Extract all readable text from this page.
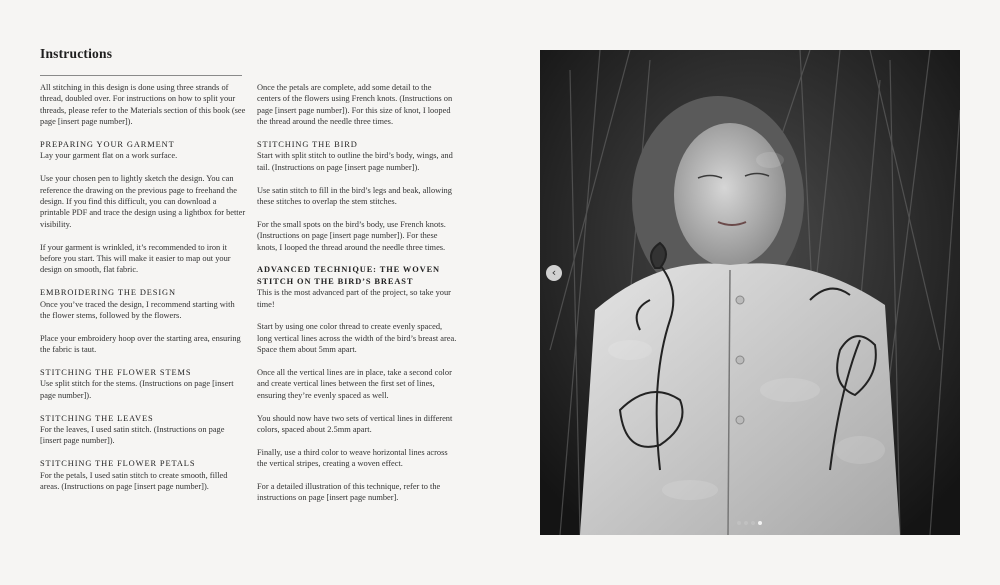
Instructions

All stitching in this design is done using three strands of thread, doubled over. For instructions on how to split your threads, please refer to the Materials section of this book (see page [insert page number]).

PREPARING YOUR GARMENT

Lay your garment flat on a work surface.

Use your chosen pen to lightly sketch the design. You can reference the drawing on the previous page to freehand the design. If you find this difficult, you can download a printable PDF and trace the design using a lightbox for better visibility.

If your garment is wrinkled, it’s recommended to iron it before you start. This will make it easier to map out your design on smooth, flat fabric.

EMBROIDERING THE DESIGN

Once you’ve traced the design, I recommend starting with the flower stems, followed by the flowers.

Place your embroidery hoop over the starting area, ensuring the fabric is taut.

STITCHING THE FLOWER STEMS

Use split stitch for the stems. (Instructions on page [insert page number]).

STITCHING THE LEAVES

For the leaves, I used satin stitch. (Instructions on page [insert page number]).

STITCHING THE FLOWER PETALS

For the petals, I used satin stitch to create smooth, filled areas. (Instructions on page [insert page number]).

Once the petals are complete, add some detail to the centers of the flowers using French knots. (Instructions on page [insert page number]). For this size of knot, I looped the thread around the needle three times.

STITCHING THE BIRD

Start with split stitch to outline the bird’s body, wings, and tail. (Instructions on page [insert page number]).

Use satin stitch to fill in the bird’s legs and beak, allowing these stitches to overlap the stem stitches.

For the small spots on the bird’s body, use French knots. (Instructions on page [insert page number]). For these knots, I looped the thread around the needle three times.

ADVANCED TECHNIQUE: THE WOVEN STITCH ON THE BIRD’S BREAST

This is the most advanced part of the project, so take your time!

Start by using one color thread to create evenly spaced, long vertical lines across the width of the bird’s breast area. Space them about 5mm apart.

Once all the vertical lines are in place, take a second color and create vertical lines between the first set of lines, ensuring they’re evenly spaced as well.

You should now have two sets of vertical lines in different colors, spaced about 2.5mm apart.

Finally, use a third color to weave horizontal lines across the vertical stripes, creating a woven effect.

For a detailed illustration of this technique, refer to the instructions on page [insert page number].

‹
